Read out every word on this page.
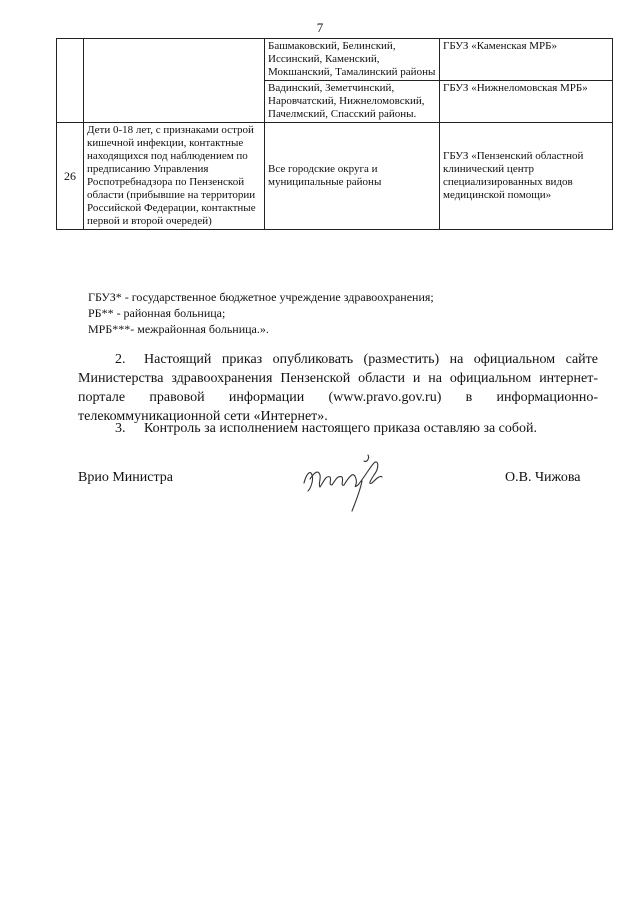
7
		Башмаковский, Белинский, Иссинский, Каменский, Мокшанский, Тамалинский районы	ГБУЗ «Каменская МРБ»
		Вадинский, Земетчинский, Наровчатский, Нижнеломовский, Пачелмский, Спасский районы.	ГБУЗ «Нижнеломовская МРБ»
26	Дети 0-18 лет, с признаками острой кишечной инфекции, контактные находящихся под наблюдением по предписанию Управления Роспотребнадзора по Пензенской области (прибывшие на территории Российской Федерации, контактные первой и второй очередей)	Все городские округа и муниципальные районы	ГБУЗ «Пензенский областной клинический центр специализированных видов медицинской помощи»
ГБУЗ* - государственное бюджетное учреждение здравоохранения;
РБ** - районная больница;
МРБ***- межрайонная больница.».
2. Настоящий приказ опубликовать (разместить) на официальном сайте Министерства здравоохранения Пензенской области и на официальном интернет-портале правовой информации (www.pravo.gov.ru) в информационно-телекоммуникационной сети «Интернет».
3. Контроль за исполнением настоящего приказа оставляю за собой.
Врио Министра	О.В. Чижова
